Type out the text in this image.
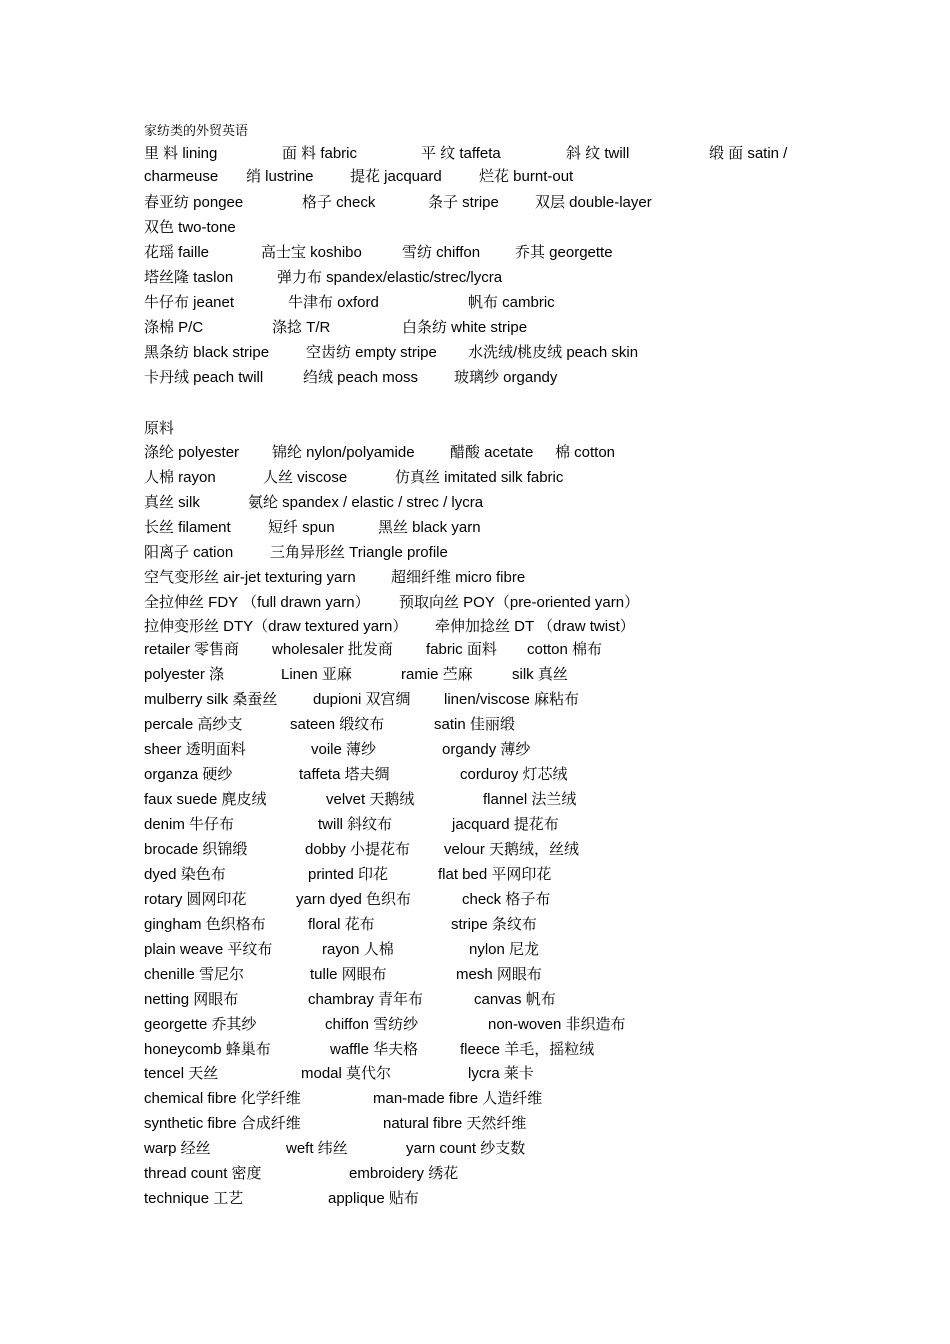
家纺类的外贸英语
里 料 lining	面 料 fabric	平 纹 taffeta	斜 纹 twill	缎 面 satin /
charmeuse 绡 lustrine 提花 jacquard 烂花 burnt-out
春亚纺 pongee	格子 check	条子 stripe 双层 double-layer
双色 two-tone
花瑶 faille	高士宝 koshibo	雪纺 chiffon 乔其 georgette
塔丝隆 taslon	弹力布 spandex/elastic/strec/lycra
牛仔布 jeanet	牛津布 oxford	帆布 cambric
涤棉 P/C	涤捻 T/R	白条纺 white stripe
黑条纺 black stripe 空齿纺 empty stripe 水洗绒/桃皮绒 peach skin
卡丹绒 peach twill	绉绒 peach moss 玻璃纱 organdy
原料
涤纶 polyester 锦纶 nylon/polyamide 醋酸 acetate 棉 cotton
人棉 rayon	人丝 viscose	仿真丝 imitated silk fabric
真丝 silk	氨纶 spandex / elastic / strec / lycra
长丝 filament 短纤 spun	黑丝 black yarn
阳离子 cation 三角异形丝 Triangle profile
空气变形丝 air-jet texturing yarn 超细纤维 micro fibre
全拉伸丝 FDY （full drawn yarn） 预取向丝 POY（pre-oriented yarn）
拉伸变形丝 DTY（draw textured yarn） 牵伸加捻丝 DT （draw twist）
retailer 零售商 wholesaler 批发商 fabric 面料 cotton 棉布
polyester 涤	Linen 亚麻	ramie 苎麻	silk 真丝
mulberry silk 桑蚕丝 dupioni 双宫绸 linen/viscose 麻粘布
percale 高纱支	sateen 缎纹布	satin 佳丽缎
sheer 透明面料	voile 薄纱	organdy 薄纱
organza 硬纱	taffeta 塔夫绸	corduroy 灯芯绒
faux suede 麂皮绒	velvet 天鹅绒	flannel 法兰绒
denim 牛仔布	twill 斜纹布	jacquard 提花布
brocade 织锦缎	dobby 小提花布 velour 天鹅绒，丝绒
dyed 染色布	printed 印花	flat bed 平网印花
rotary 圆网印花	yarn dyed 色织布	check 格子布
gingham 色织格布	floral 花布	stripe 条纹布
plain weave 平纹布	rayon 人棉	nylon 尼龙
chenille 雪尼尔	tulle 网眼布	mesh 网眼布
netting 网眼布	chambray 青年布	canvas 帆布
georgette 乔其纱	chiffon 雪纺纱	non-woven 非织造布
honeycomb 蜂巢布	waffle 华夫格	fleece 羊毛，摇粒绒
tencel 天丝	modal 莫代尔	lycra 莱卡
chemical fibre 化学纤维	man-made fibre 人造纤维
synthetic fibre 合成纤维	natural fibre 天然纤维
warp 经丝	weft 纬丝	yarn count 纱支数
thread count 密度	embroidery 绣花
technique 工艺	applique 贴布
